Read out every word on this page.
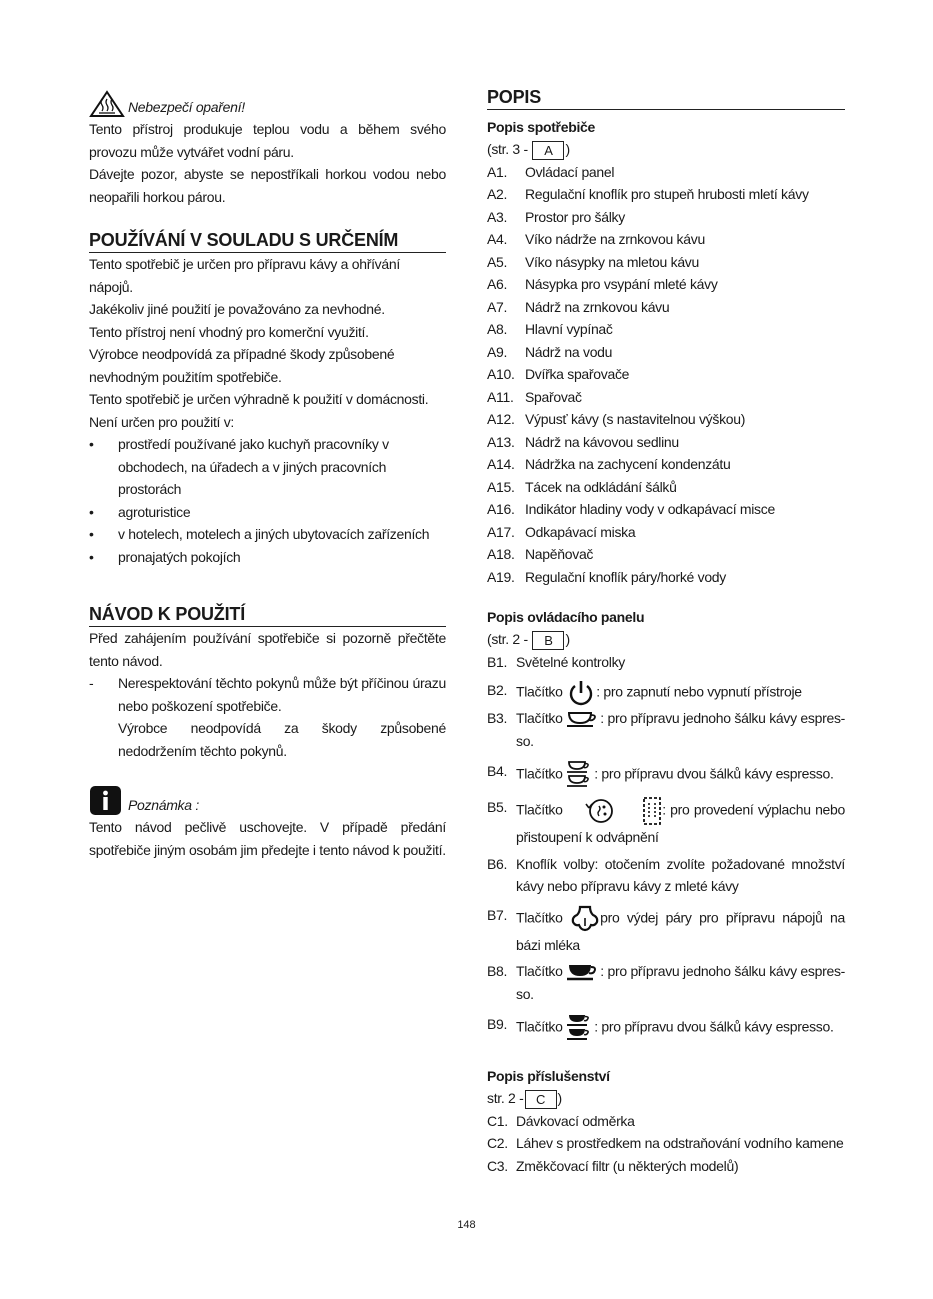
Nebezpečí opaření!

Tento přístroj produkuje teplou vodu a během svého provozu může vytvářet vodní páru.

Dávejte pozor, abyste se nepostříkali horkou vodou nebo neopařili horkou párou.

POUŽÍVÁNÍ V SOULADU S URČENÍM

Tento spotřebič je určen pro přípravu kávy a ohřívání nápojů.

Jakékoliv jiné použití je považováno za nevhodné.

Tento přístroj není vhodný pro komerční využití.

Výrobce neodpovídá za případné škody způsobené nevhodným použitím spotřebiče.

Tento spotřebič je určen výhradně k použití v domácnosti. Není určen pro použití v:

• prostředí používané jako kuchyň pracovníky v obchodech, na úřadech a v jiných pracovních prostorách
• agroturistice
• v hotelech, motelech a jiných ubytovacích zařízeních
• pronajatých pokojích
NÁVOD K POUŽITÍ

Před zahájením používání spotřebiče si pozorně přečtěte tento návod.

- Nerespektování těchto pokynů může být příčinou úrazu nebo poškození spotřebiče.

Výrobce neodpovídá za škody způsobené nedodržením těchto pokynů.

Poznámka :

Tento návod pečlivě uschovejte. V případě předání spotřebiče jiným osobám jim předejte i tento návod k použití.

POPIS
Popis spotřebiče
(str. 3 - A )
A1.	Ovládací panel
A2.	Regulační knoflík pro stupeň hrubosti mletí kávy
A3.	Prostor pro šálky
A4.	Víko nádrže na zrnkovou kávu
A5.	Víko násypky na mletou kávu
A6.	Násypka pro vsypání mleté kávy
A7.	Nádrž na zrnkovou kávu
A8.	Hlavní vypínač
A9.	Nádrž na vodu
A10. Dvířka spařovače
A11. Spařovač
A12. Výpusť kávy (s nastavitelnou výškou)
A13. Nádrž na kávovou sedlinu
A14. Nádržka na zachycení kondenzátu
A15. Tácek na odkládání šálků
A16. Indikátor hladiny vody v odkapávací misce
A17. Odkapávací miska
A18. Napěňovač
A19. Regulační knoflík páry/horké vody
Popis ovládacího panelu
(str. 2 - B )
B1. Světelné kontrolky
B2. Tlačítko : pro zapnutí nebo vypnutí přístroje
B3. Tlačítko	: pro přípravu jednoho šálku kávy espres-so.
B4. Tlačítko : pro přípravu dvou šálků kávy espresso.
B5. Tlačítko	: pro provedení výplachu nebo přistoupení k odvápnění
B6. Knoflík volby: otočením zvolíte požadované množství kávy nebo přípravu kávy z mleté kávy
B7. Tlačítko	pro výdej páry pro přípravu nápojů na bázi mléka
B8. Tlačítko	: pro přípravu jednoho šálku kávy espres-so.
B9. Tlačítko : pro přípravu dvou šálků kávy espresso.
Popis příslušenství
str. 2 - C )
C1. Dávkovací odměrka
C2. Láhev s prostředkem na odstraňování vodního kamene
C3. Změkčovací filtr (u některých modelů)
148
